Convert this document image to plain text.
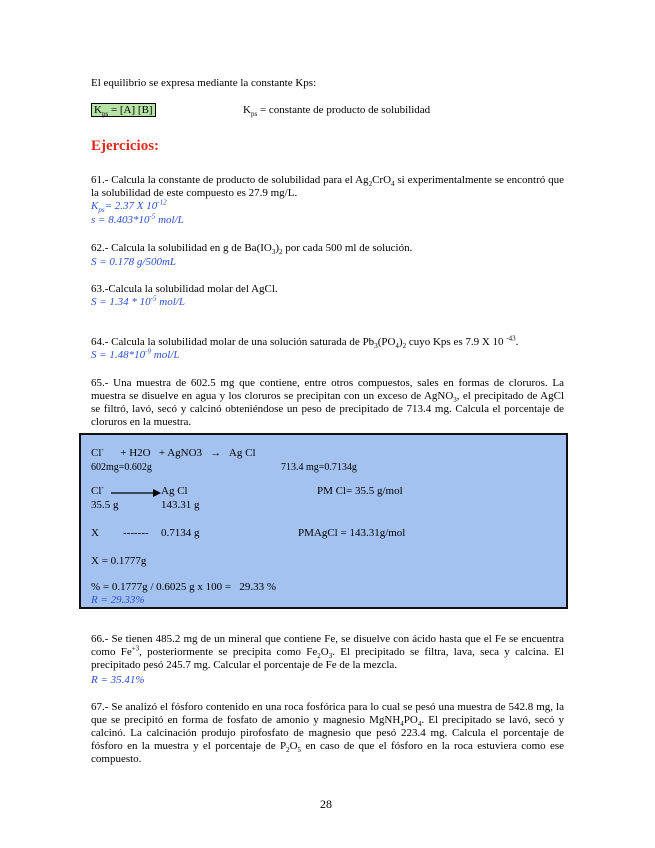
El equilibrio se expresa mediante la constante Kps:
$K_{ps} = [A]$ [B]	$K_{ps}$ = constante de producto de solubilidad
Ejercicios:
61.- Calcula la constante de producto de solubilidad para el $Ag_2CrO_4$ si experimentalmente se encontró que la solubilidad de este compuesto es 27.9 mg/L.
$K_{ps}= 2.37$ X $10^{-12}$
$s = 8.403*10^{-5}$ mol/L
62.- Calcula la solubilidad en g de $Ba(IO_3)_2$ por cada 500 ml de solución.
S = 0.178 g/500mL
63.-Calcula la solubilidad molar del AgCl.
$S = 1.34 * 10^{-5}$ mol/L
64.- Calcula la solubilidad molar de una solución saturada de $Pb_3(PO_4)_2$ cuyo Kps es 7.9 X 10 $^{-43}$.
$S = 1.48*10^{-9}$ mol/L
65.- Una muestra de 602.5 mg que contiene, entre otros compuestos, sales en formas de cloruros. La muestra se disuelve en agua y los cloruros se precipitan con un exceso de AgNO$_3$, el precipitado de AgCl se filtró, lavó, secó y calcinó obteniéndose un peso de precipitado de 713.4 mg. Calcula el porcentaje de cloruros en la muestra.
Cl-      + H2O   + AgNO3   →   Ag Cl
602mg=0.602g	713.4 mg=0.7134g
Cl-	Ag Cl	PM Cl= 35.5 g/mol
35.5 g	143.31 g
X ------- 0.7134 g	PMAgCl = 143.31g/mol
X = 0.1777g
% = 0.1777g / 0.6025 g x 100 =   29.33 %
R = 29.33%
66.- Se tienen 485.2 mg de un mineral que contiene Fe, se disuelve con ácido hasta que el Fe se encuentra como $Fe^{+3}$, posteriormente se precipita como $Fe_2O_3$. El precipitado se filtra, lava, seca y calcina. El precipitado pesó 245.7 mg. Calcular el porcentaje de Fe de la mezcla.
R = 35.41%
67.- Se analizó el fósforo contenido en una roca fosfórica para lo cual se pesó una muestra de 542.8 mg, la que se precipitó en forma de fosfato de amonio y magnesio $MgNH_4PO_4$. El precipitado se lavó, secó y calcinó. La calcinación produjo pirofosfato de magnesio que pesó 223.4 mg. Calcula el porcentaje de fósforo en la muestra y el porcentaje de $P_2O_5$ en caso de que el fósforo en la roca estuviera como ese compuesto.
28
